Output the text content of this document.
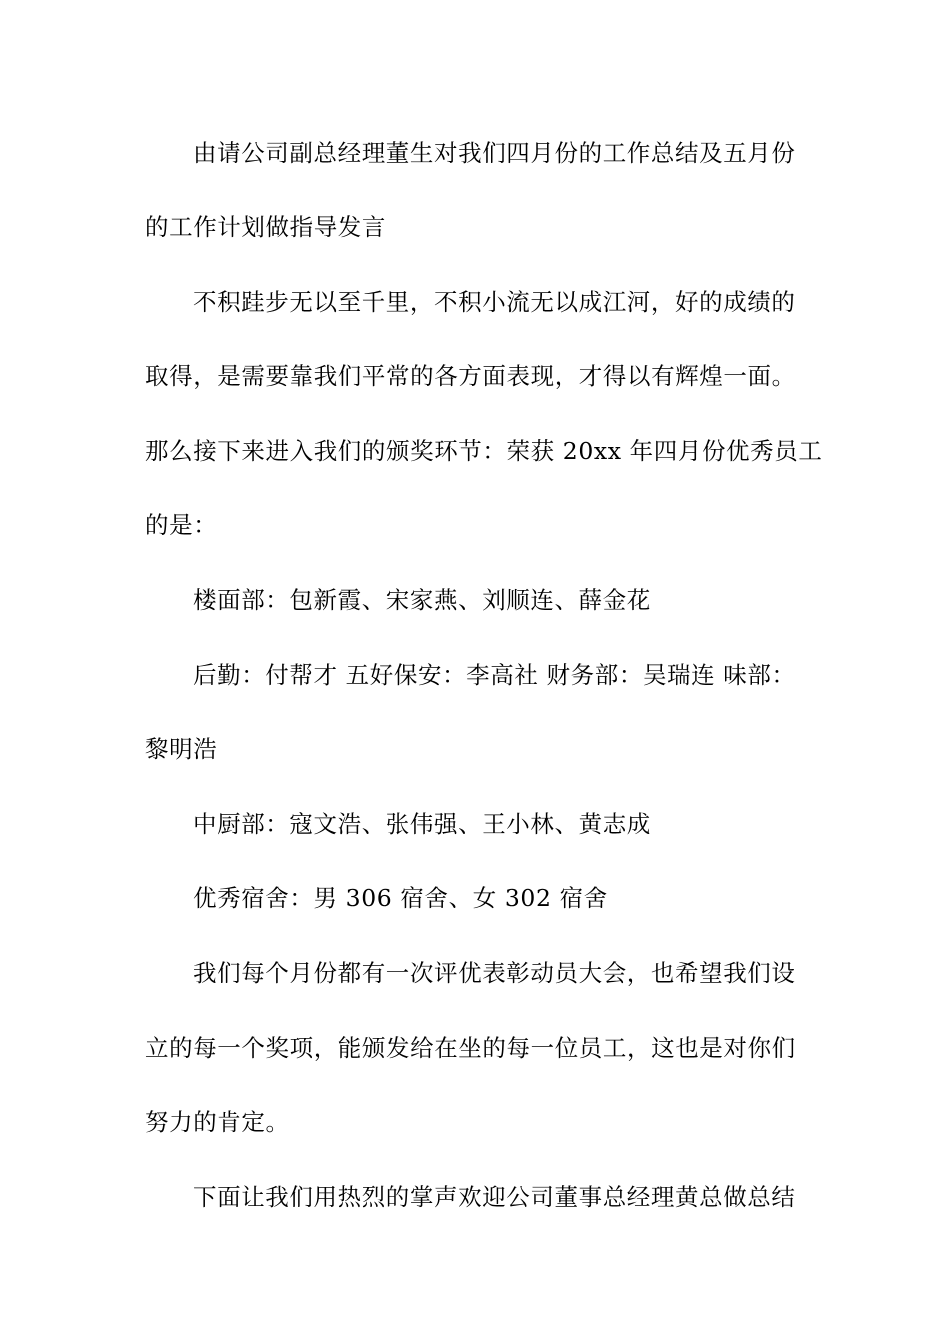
由请公司副总经理董生对我们四月份的工作总结及五月份
的工作计划做指导发言
不积跬步无以至千里，不积小流无以成江河，好的成绩的
取得，是需要靠我们平常的各方面表现，才得以有辉煌一面。
那么接下来进入我们的颁奖环节：荣获 20xx 年四月份优秀员工
的是：
楼面部：包新霞、宋家燕、刘顺连、薛金花
后勤：付帮才 五好保安：李高社 财务部：吴瑞连 味部：
黎明浩
中厨部：寇文浩、张伟强、王小林、黄志成
优秀宿舍：男 306 宿舍、女 302 宿舍
我们每个月份都有一次评优表彰动员大会，也希望我们设
立的每一个奖项，能颁发给在坐的每一位员工，这也是对你们
努力的肯定。
下面让我们用热烈的掌声欢迎公司董事总经理黄总做总结
